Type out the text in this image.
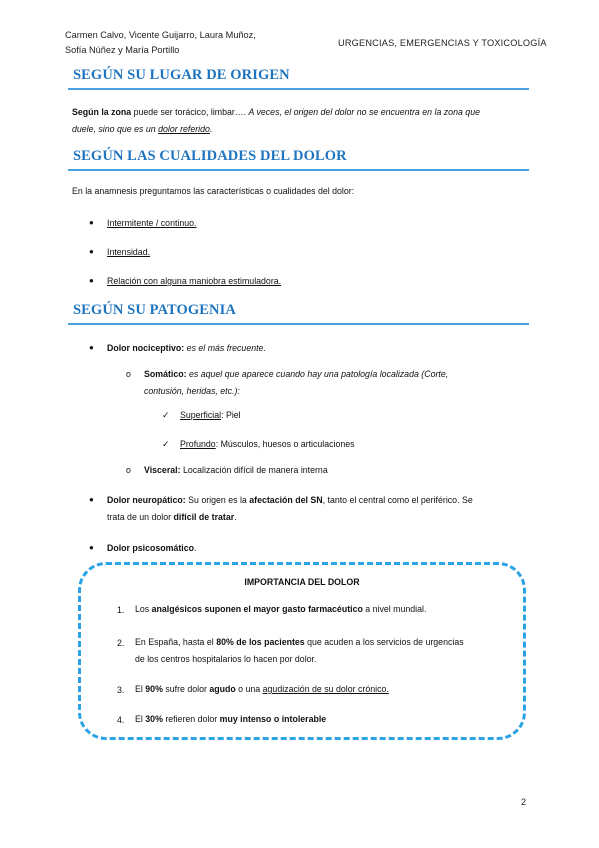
Carmen Calvo, Vicente Guijarro, Laura Muñoz,
Sofía Núñez y María Portillo
URGENCIAS, EMERGENCIAS Y TOXICOLOGÍA
SEGÚN SU LUGAR DE ORIGEN
Según la zona puede ser torácico, limbar…. A veces, el origen del dolor no se encuentra en la zona que
duele, sino que es un dolor referido.
SEGÚN LAS CUALIDADES DEL DOLOR
En la anamnesis preguntamos las características o cualidades del dolor:
● Intermitente / continuo.
● Intensidad.
● Relación con alguna maniobra estimuladora.
SEGÚN SU PATOGENIA
● Dolor nociceptivo: es el más frecuente.
o Somático: es aquel que aparece cuando hay una patología localizada (Corte,
contusión, heridas, etc.):
✓ Superficial: Piel
✓ Profundo: Músculos, huesos o articulaciones
o Visceral: Localización difícil de manera interna
● Dolor neuropático: Su origen es la afectación del SN, tanto el central como el periférico. Se
trata de un dolor difícil de tratar.
● Dolor psicosomático.
IMPORTANCIA DEL DOLOR
1. Los analgésicos suponen el mayor gasto farmacéutico a nivel mundial.
2. En España, hasta el 80% de los pacientes que acuden a los servicios de urgencias
de los centros hospitalarios lo hacen por dolor.
3. El 90% sufre dolor agudo o una agudización de su dolor crónico.
4. El 30% refieren dolor muy intenso o intolerable
2
